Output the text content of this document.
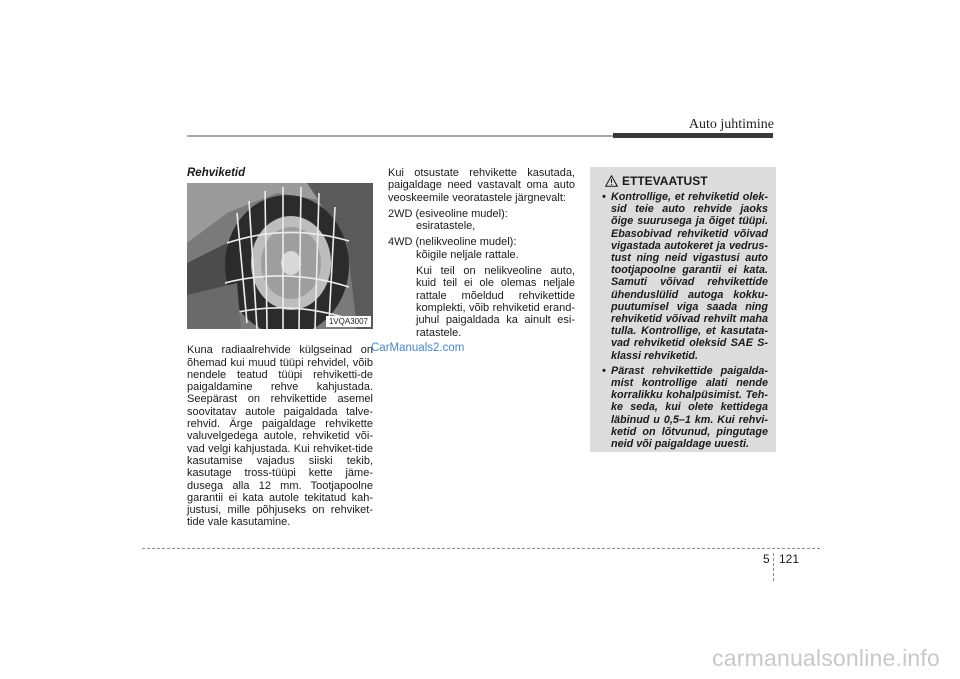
Auto juhtimine
Rehviketid
1VQA3007

Kuna radiaalrehvide külgseinad on õhemad kui muud tüüpi rehvidel, võib nendele teatud tüüpi rehviketti-de paigaldamine rehve kahjustada. Seepärast on rehvikettide asemel soovitatav autole paigaldada talve-rehvid. Ärge paigaldage rehvikette valuvelgedega autole, rehviketid või-vad velgi kahjustada. Kui rehviket-tide kasutamise vajadus siiski tekib, kasutage tross-tüüpi kette jäme-dusega alla 12 mm. Tootjapoolne garantii ei kata autole tekitatud kah-justusi, mille põhjuseks on rehviket-tide vale kasutamine.

Kui otsustate rehvikette kasutada, paigaldage need vastavalt oma auto veoskeemile veoratastele järgnevalt:

2WD (esiveoline mudel):
esiratastele,
4WD (nelikveoline mudel):
kõigile neljale rattale.

Kui teil on nelikveoline auto, kuid teil ei ole olemas neljale rattale mõeldud rehvikettide komplekti, võib rehviketid erand-juhul paigaldada ka ainult esi-ratastele.

ETTEVAATUST
• Kontrollige, et rehviketid olek-sid teie auto rehvide jaoks õige suurusega ja õiget tüüpi. Ebasobivad rehviketid võivad vigastada autokeret ja vedrus-tust ning neid vigastusi auto tootjapoolne garantii ei kata. Samuti võivad rehvikettide ühenduslülid autoga kokku-puutumisel viga saada ning rehviketid võivad rehvilt maha tulla. Kontrollige, et kasutata-vad rehviketid oleksid SAE S-klassi rehviketid.
• Pärast rehvikettide paigalda-mist kontrollige alati nende korralikku kohalpüsimist. Teh-ke seda, kui olete kettidega läbinud u 0,5–1 km. Kui rehvi-ketid on lõtvunud, pingutage neid või paigaldage uuesti.
CarManuals2.com
5 121
carmanualsonline.info
